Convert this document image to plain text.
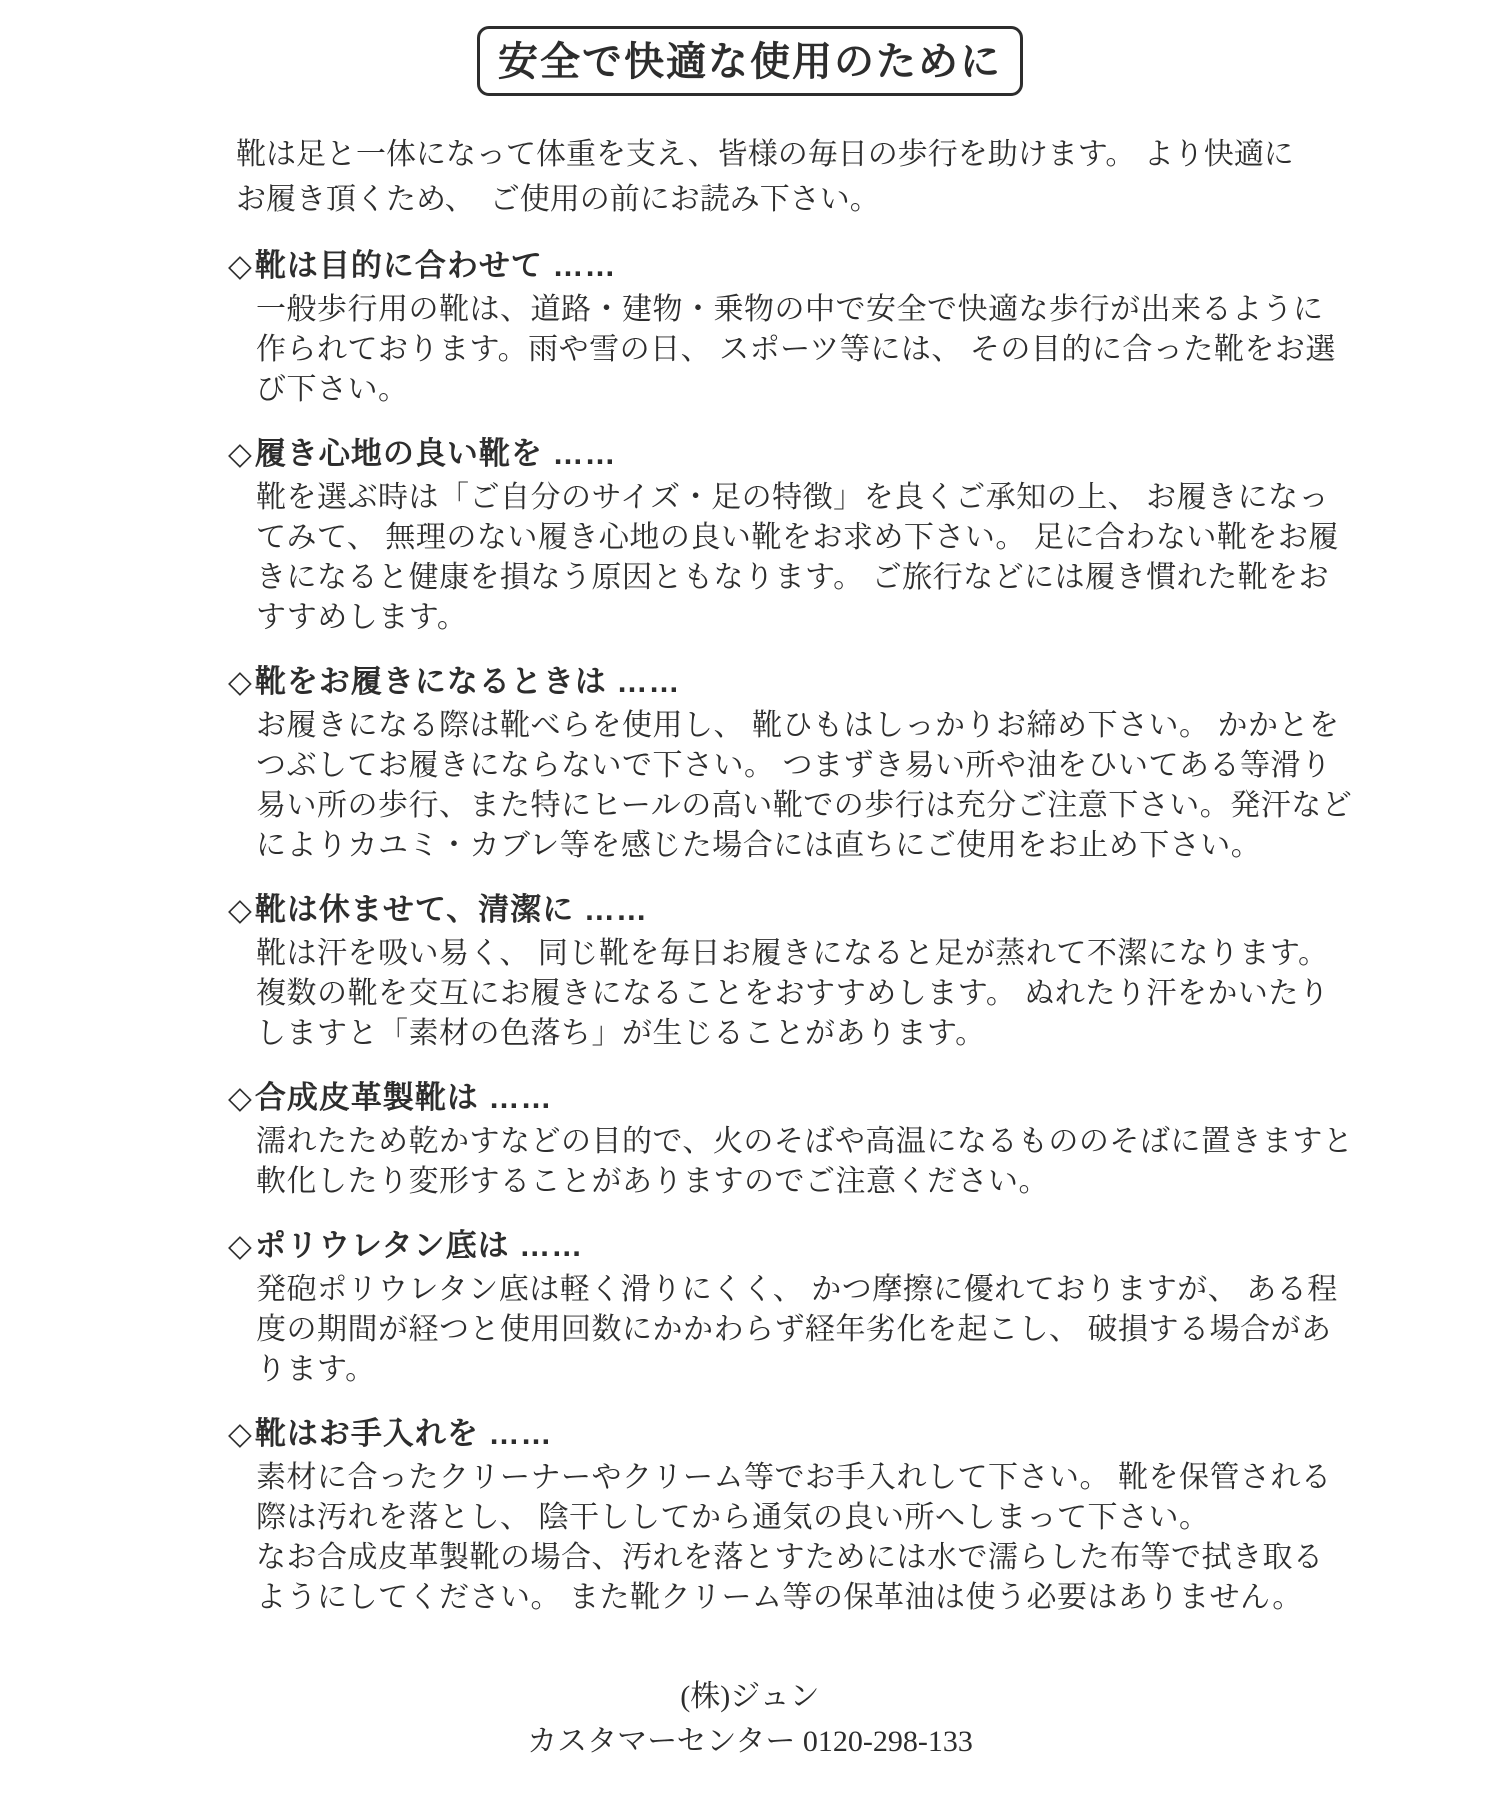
安全で快適な使用のために
靴は足と一体になって体重を支え、皆様の毎日の歩行を助けます。 より快適に
お履き頂くため、　ご使用の前にお読み下さい。
◇靴は目的に合わせて ……
一般歩行用の靴は、道路・建物・乗物の中で安全で快適な歩行が出来るように
作られております。雨や雪の日、 スポーツ等には、 その目的に合った靴をお選
び下さい。
◇履き心地の良い靴を ……
靴を選ぶ時は「ご自分のサイズ・足の特徴」を良くご承知の上、 お履きになっ
てみて、 無理のない履き心地の良い靴をお求め下さい。 足に合わない靴をお履
きになると健康を損なう原因ともなります。 ご旅行などには履き慣れた靴をお
すすめします。
◇靴をお履きになるときは ……
お履きになる際は靴べらを使用し、 靴ひもはしっかりお締め下さい。 かかとを
つぶしてお履きにならないで下さい。 つまずき易い所や油をひいてある等滑り
易い所の歩行、また特にヒールの高い靴での歩行は充分ご注意下さい。発汗など
によりカユミ・カブレ等を感じた場合には直ちにご使用をお止め下さい。
◇靴は休ませて、清潔に ……
靴は汗を吸い易く、 同じ靴を毎日お履きになると足が蒸れて不潔になります。
複数の靴を交互にお履きになることをおすすめします。 ぬれたり汗をかいたり
しますと「素材の色落ち」が生じることがあります。
◇合成皮革製靴は ……
濡れたため乾かすなどの目的で、火のそばや高温になるもののそばに置きますと
軟化したり変形することがありますのでご注意ください。
◇ポリウレタン底は ……
発砲ポリウレタン底は軽く滑りにくく、 かつ摩擦に優れておりますが、 ある程
度の期間が経つと使用回数にかかわらず経年劣化を起こし、 破損する場合があ
ります。
◇靴はお手入れを ……
素材に合ったクリーナーやクリーム等でお手入れして下さい。 靴を保管される
際は汚れを落とし、 陰干ししてから通気の良い所へしまって下さい。
なお合成皮革製靴の場合、汚れを落とすためには水で濡らした布等で拭き取る
ようにしてください。 また靴クリーム等の保革油は使う必要はありません。
(株)ジュン
カスタマーセンター 0120-298-133
